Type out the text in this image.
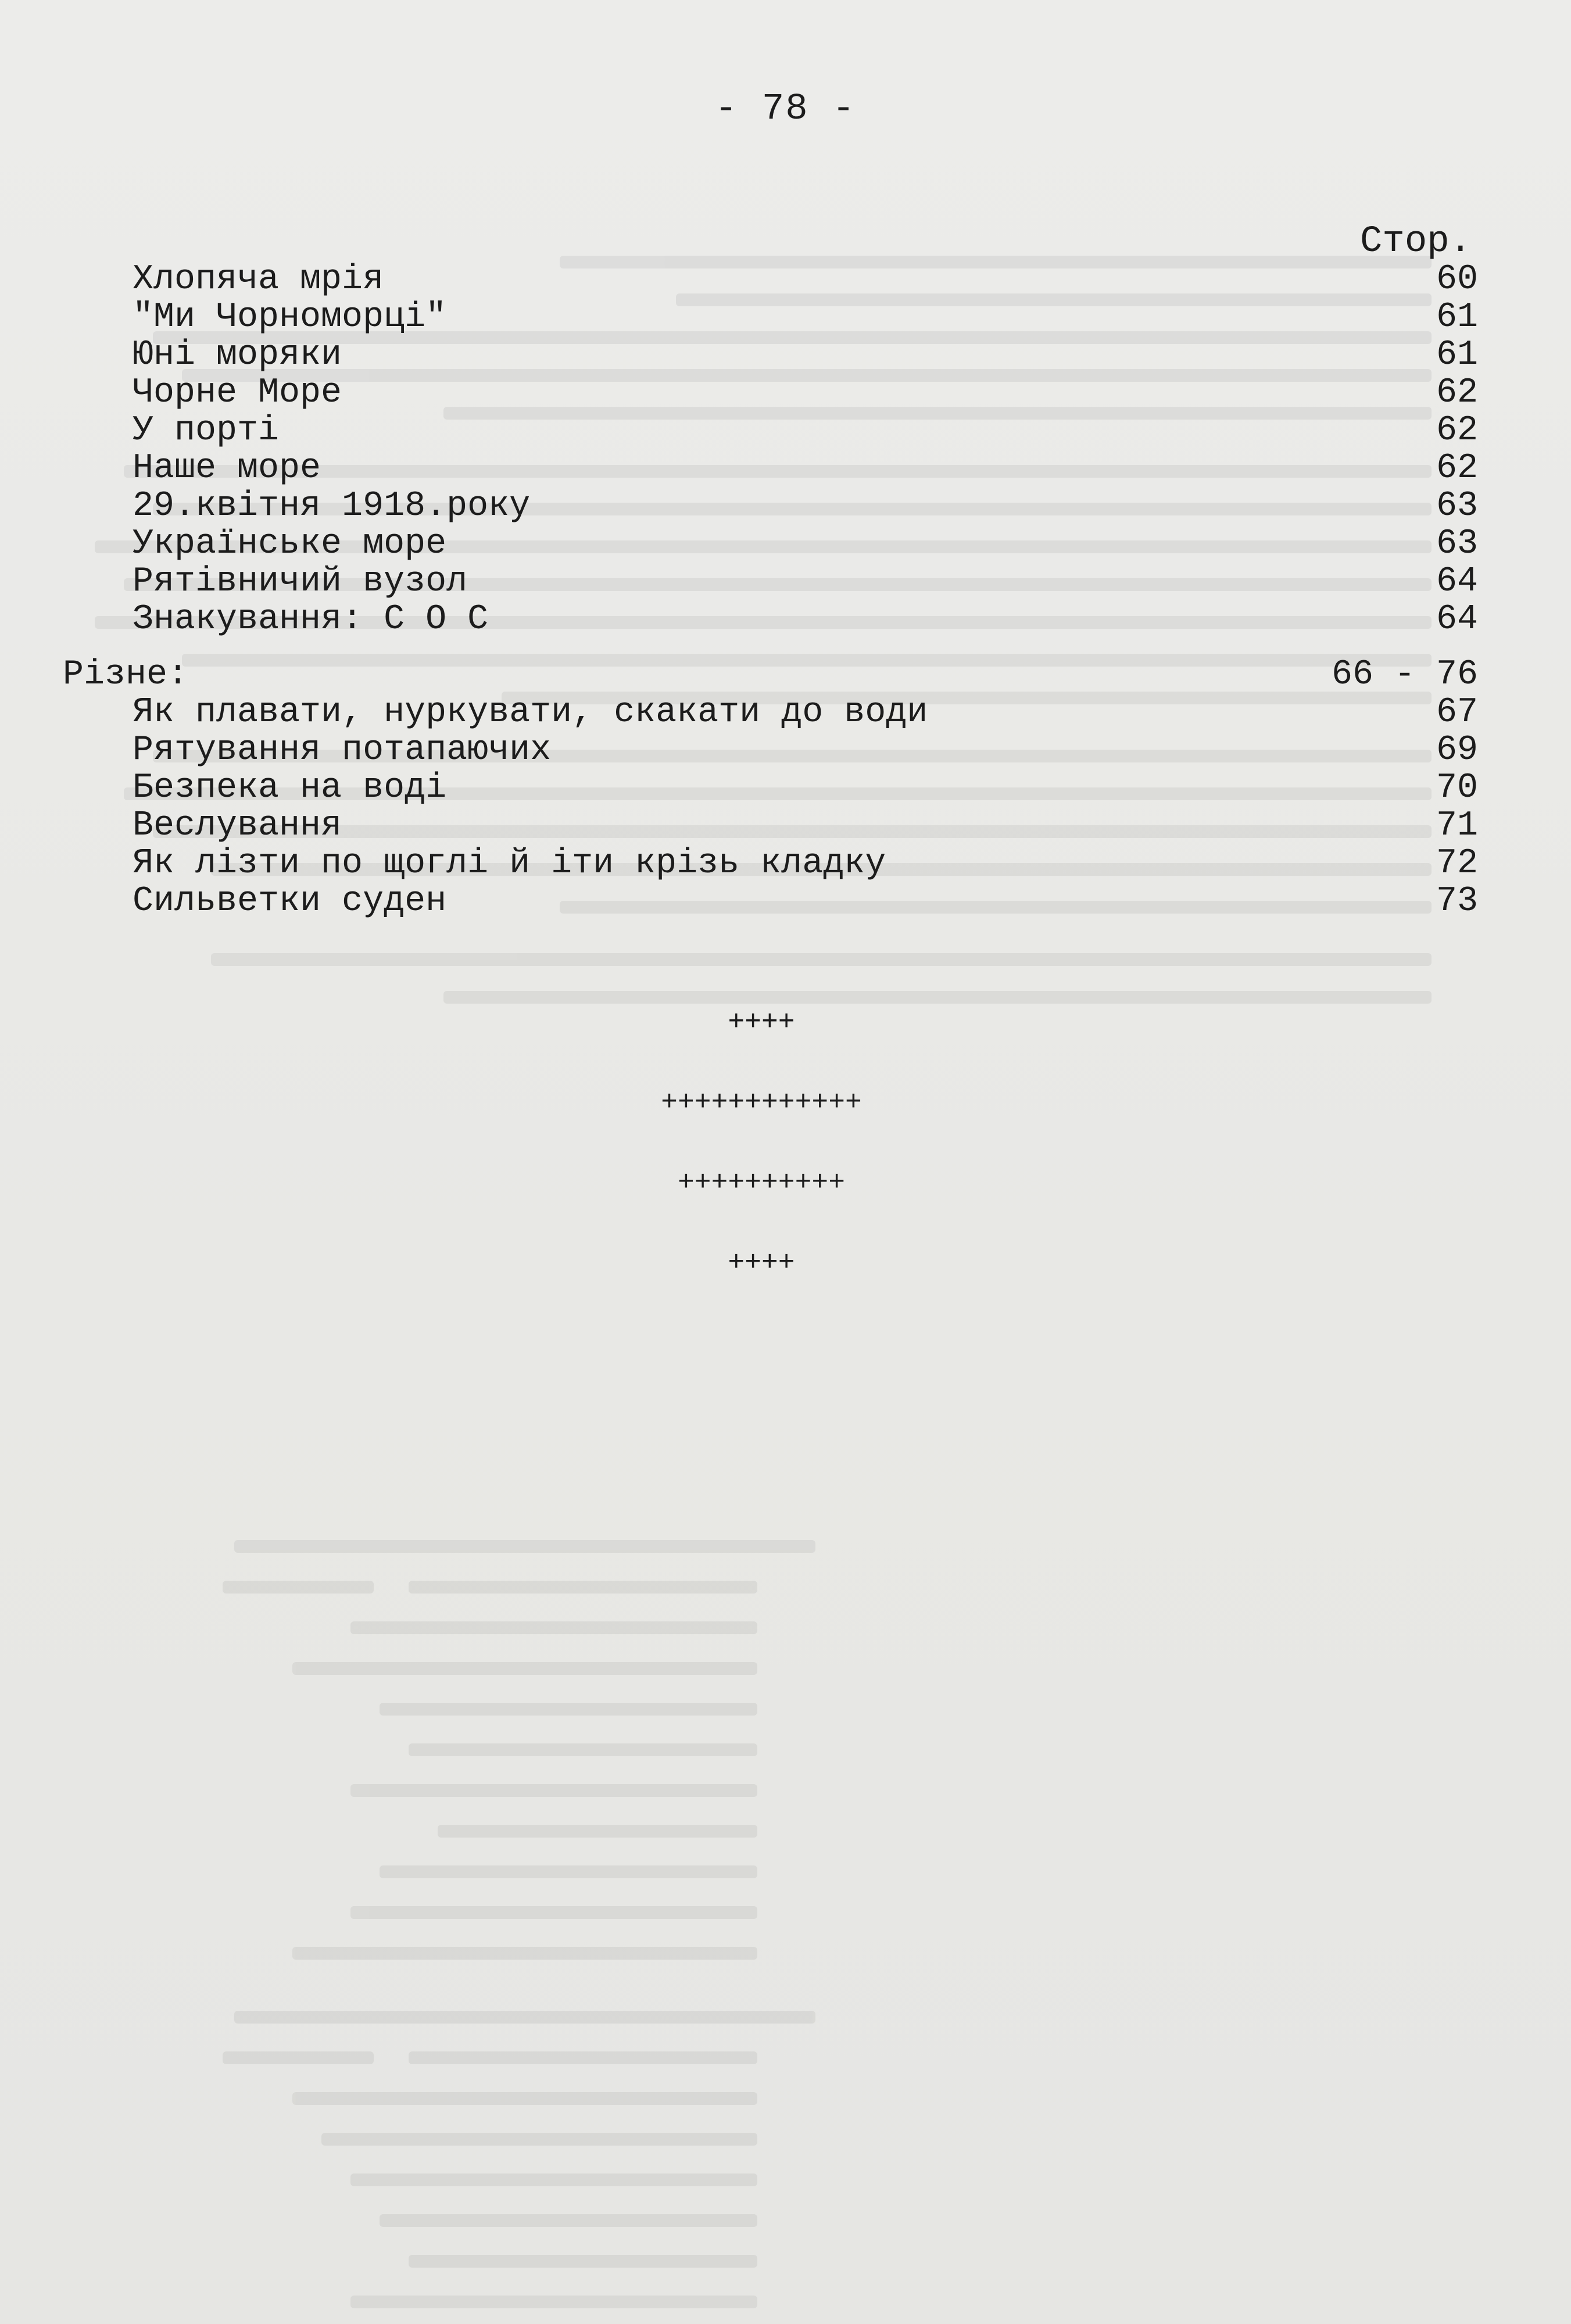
- 78 -
Стор.
Хлопяча мрія	60
"Ми Чорноморці"	61
Юні моряки	61
Чорне Море	62
У порті	62
Наше море	62
29.квітня 1918.року	63
Українське море	63
Рятівничий вузол	64
Знакування: С О С	64
Різне:	66 - 76
Як плавати, нуркувати, скакати до води	67
Рятування потапаючих	69
Безпека на воді	70
Веслування	71
Як лізти по щоглі й іти крізь кладку	72
Сильветки суден	73

++++

++++++++++++

++++++++++

++++
